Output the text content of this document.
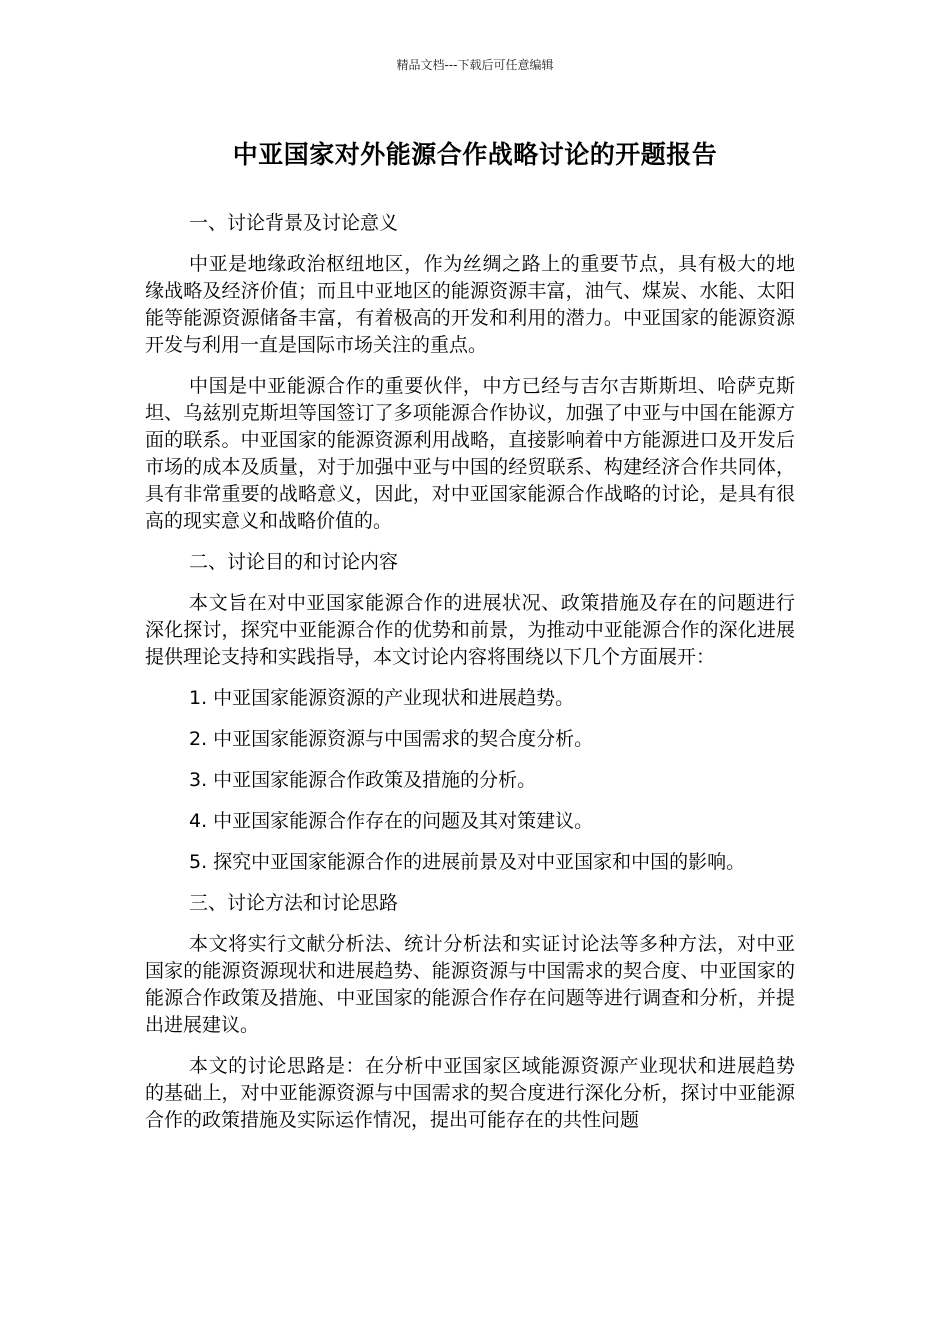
精品文档---下载后可任意编辑
中亚国家对外能源合作战略讨论的开题报告

一、讨论背景及讨论意义

中亚是地缘政治枢纽地区，作为丝绸之路上的重要节点，具有极大的地缘战略及经济价值；而且中亚地区的能源资源丰富，油气、煤炭、水能、太阳能等能源资源储备丰富，有着极高的开发和利用的潜力。中亚国家的能源资源开发与利用一直是国际市场关注的重点。

中国是中亚能源合作的重要伙伴，中方已经与吉尔吉斯斯坦、哈萨克斯坦、乌兹别克斯坦等国签订了多项能源合作协议，加强了中亚与中国在能源方面的联系。中亚国家的能源资源利用战略，直接影响着中方能源进口及开发后市场的成本及质量，对于加强中亚与中国的经贸联系、构建经济合作共同体，具有非常重要的战略意义，因此，对中亚国家能源合作战略的讨论，是具有很高的现实意义和战略价值的。

二、讨论目的和讨论内容

本文旨在对中亚国家能源合作的进展状况、政策措施及存在的问题进行深化探讨，探究中亚能源合作的优势和前景，为推动中亚能源合作的深化进展提供理论支持和实践指导，本文讨论内容将围绕以下几个方面展开：

1. 中亚国家能源资源的产业现状和进展趋势。

2. 中亚国家能源资源与中国需求的契合度分析。

3. 中亚国家能源合作政策及措施的分析。

4. 中亚国家能源合作存在的问题及其对策建议。

5. 探究中亚国家能源合作的进展前景及对中亚国家和中国的影响。

三、讨论方法和讨论思路

本文将实行文献分析法、统计分析法和实证讨论法等多种方法，对中亚国家的能源资源现状和进展趋势、能源资源与中国需求的契合度、中亚国家的能源合作政策及措施、中亚国家的能源合作存在问题等进行调查和分析，并提出进展建议。

本文的讨论思路是：在分析中亚国家区域能源资源产业现状和进展趋势的基础上，对中亚能源资源与中国需求的契合度进行深化分析，探讨中亚能源合作的政策措施及实际运作情况，提出可能存在的共性问题
